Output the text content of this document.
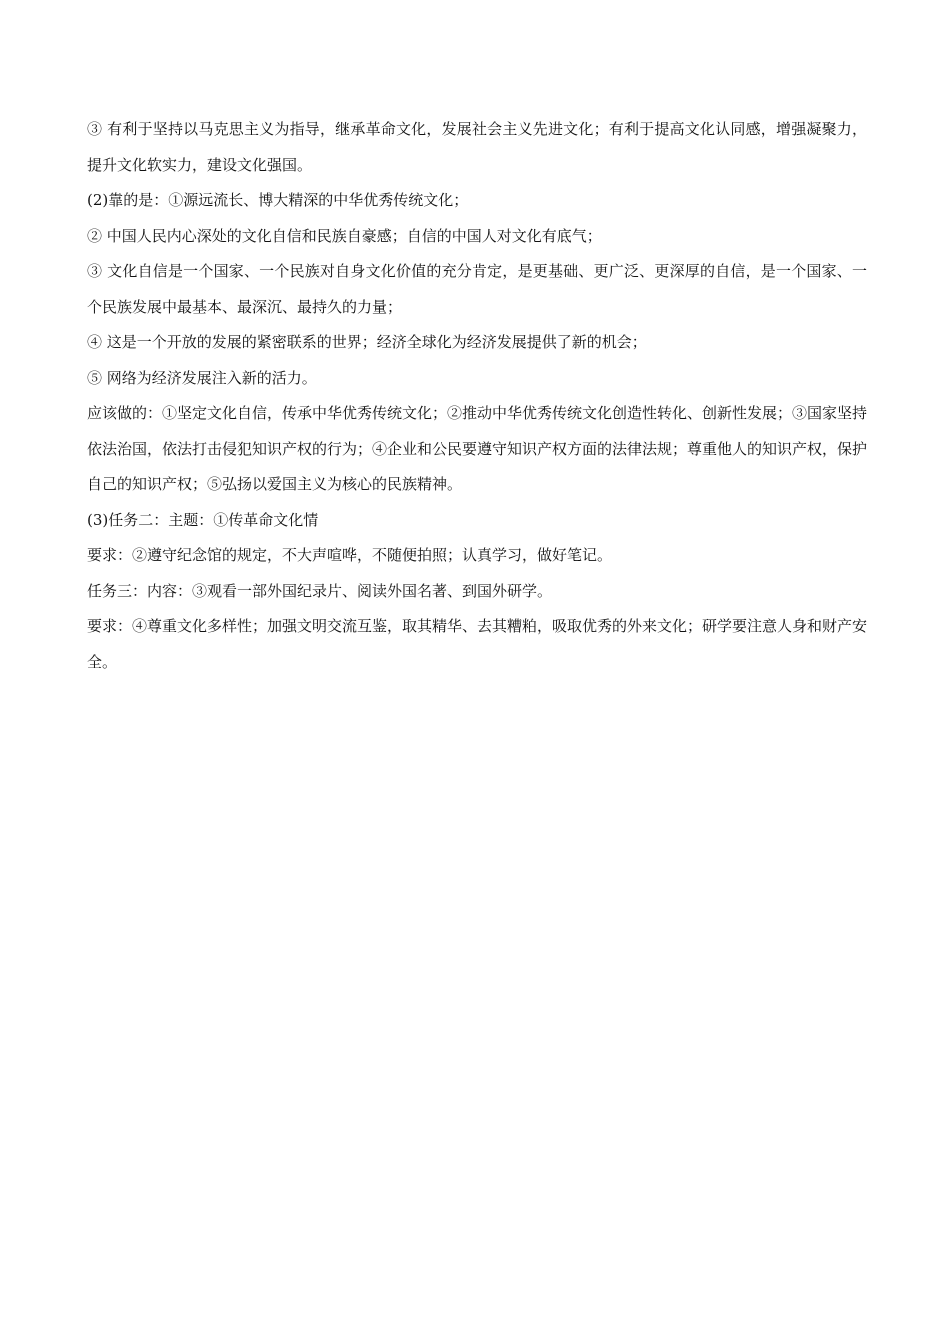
③ 有利于坚持以马克思主义为指导，继承革命文化，发展社会主义先进文化；有利于提高文化认同感，增强凝聚力，提升文化软实力，建设文化强国。

(2)靠的是：①源远流长、博大精深的中华优秀传统文化；

② 中国人民内心深处的文化自信和民族自豪感；自信的中国人对文化有底气；

③ 文化自信是一个国家、一个民族对自身文化价值的充分肯定，是更基础、更广泛、更深厚的自信，是一个国家、一个民族发展中最基本、最深沉、最持久的力量；

④ 这是一个开放的发展的紧密联系的世界；经济全球化为经济发展提供了新的机会；

⑤ 网络为经济发展注入新的活力。

应该做的：①坚定文化自信，传承中华优秀传统文化；②推动中华优秀传统文化创造性转化、创新性发展；③国家坚持依法治国，依法打击侵犯知识产权的行为；④企业和公民要遵守知识产权方面的法律法规；尊重他人的知识产权，保护自己的知识产权；⑤弘扬以爱国主义为核心的民族精神。

(3)任务二：主题：①传革命文化情

要求：②遵守纪念馆的规定，不大声喧哗，不随便拍照；认真学习，做好笔记。

任务三：内容：③观看一部外国纪录片、阅读外国名著、到国外研学。

要求：④尊重文化多样性；加强文明交流互鉴，取其精华、去其糟粕，吸取优秀的外来文化；研学要注意人身和财产安全。
